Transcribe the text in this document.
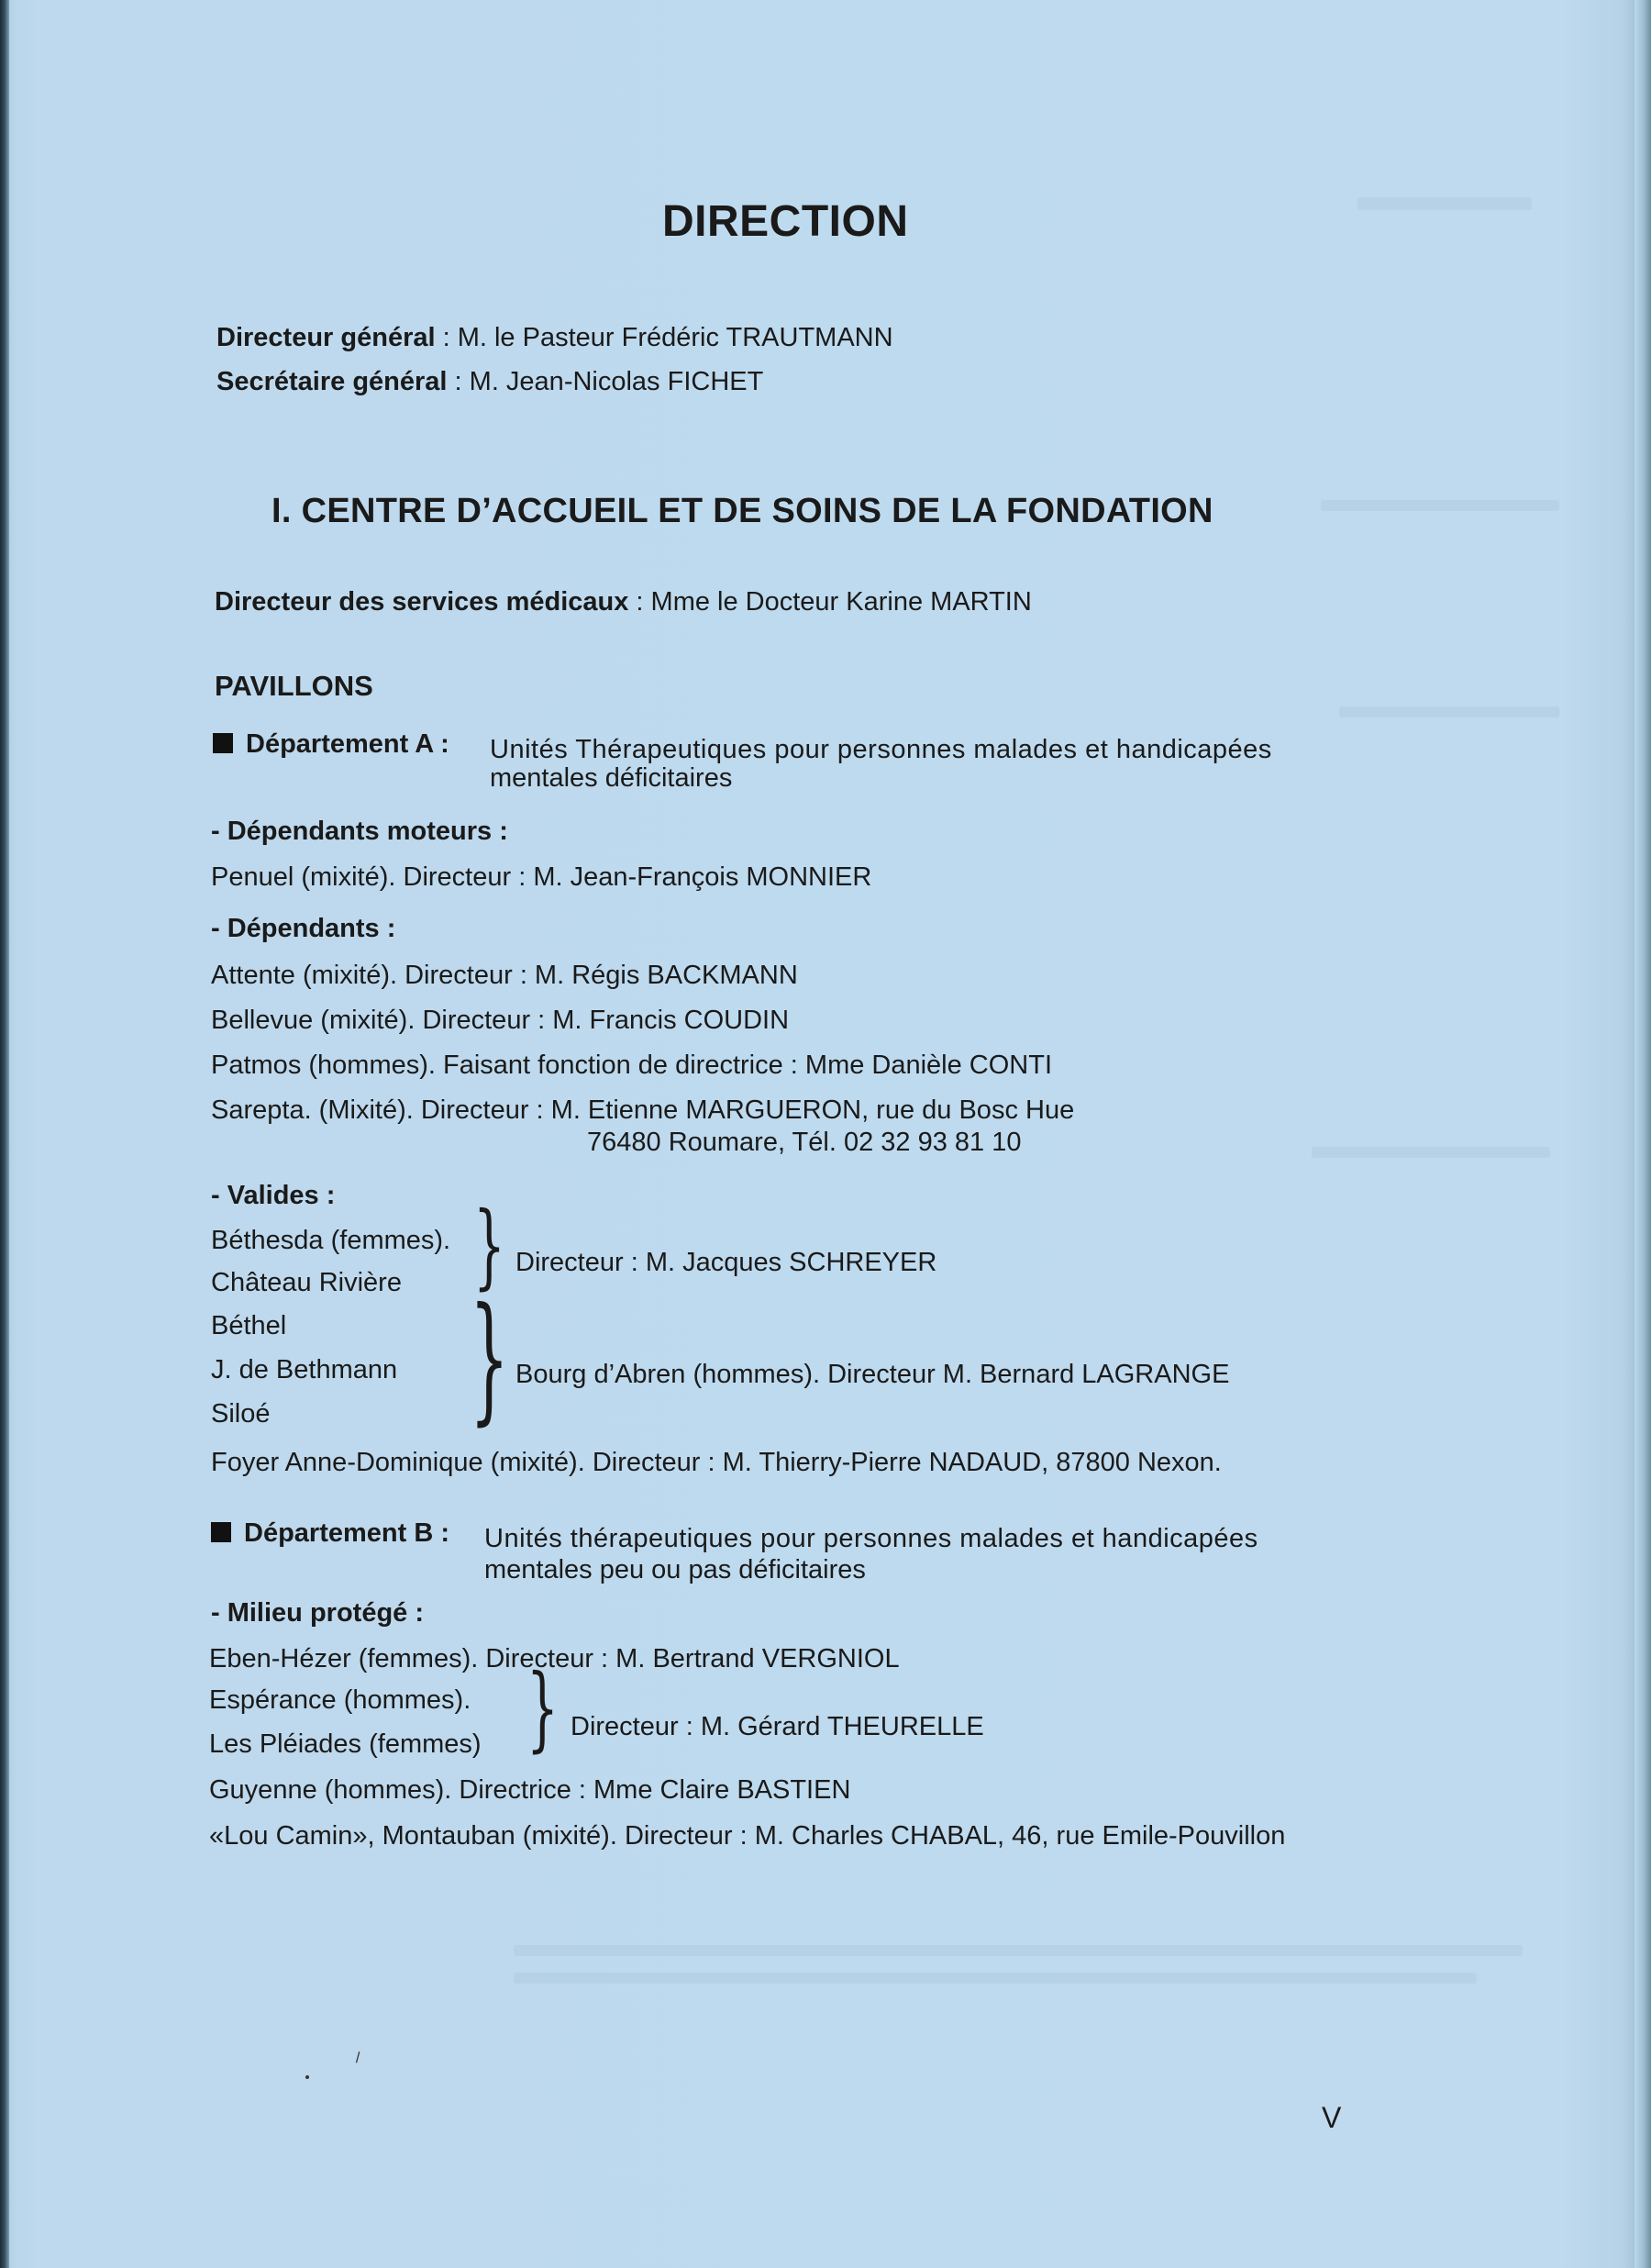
DIRECTION
Directeur général : M. le Pasteur Frédéric TRAUTMANN
Secrétaire général : M. Jean-Nicolas FICHET
I. CENTRE D’ACCUEIL ET DE SOINS DE LA FONDATION
Directeur des services médicaux : Mme le Docteur Karine MARTIN
PAVILLONS
Département A : Unités Thérapeutiques pour personnes malades et handicapées
mentales déficitaires
- Dépendants moteurs :
Penuel (mixité). Directeur : M. Jean-François MONNIER
- Dépendants :
Attente (mixité). Directeur : M. Régis BACKMANN
Bellevue (mixité). Directeur : M. Francis COUDIN
Patmos (hommes). Faisant fonction de directrice : Mme Danièle CONTI
Sarepta. (Mixité). Directeur : M. Etienne MARGUERON, rue du Bosc Hue
76480 Roumare, Tél. 02 32 93 81 10
- Valides :
Béthesda (femmes).
Château Rivière } Directeur : M. Jacques SCHREYER
Béthel
J. de Bethmann
Siloé } Bourg d’Abren (hommes). Directeur M. Bernard LAGRANGE
Foyer Anne-Dominique (mixité). Directeur : M. Thierry-Pierre NADAUD, 87800 Nexon.
Département B : Unités thérapeutiques pour personnes malades et handicapées
mentales peu ou pas déficitaires
- Milieu protégé :
Eben-Hézer (femmes). Directeur : M. Bertrand VERGNIOL
Espérance (hommes).
Les Pléiades (femmes) } Directeur : M. Gérard THEURELLE
Guyenne (hommes). Directrice : Mme Claire BASTIEN
«Lou Camin», Montauban (mixité). Directeur : M. Charles CHABAL, 46, rue Emile-Pouvillon
⸝
V
